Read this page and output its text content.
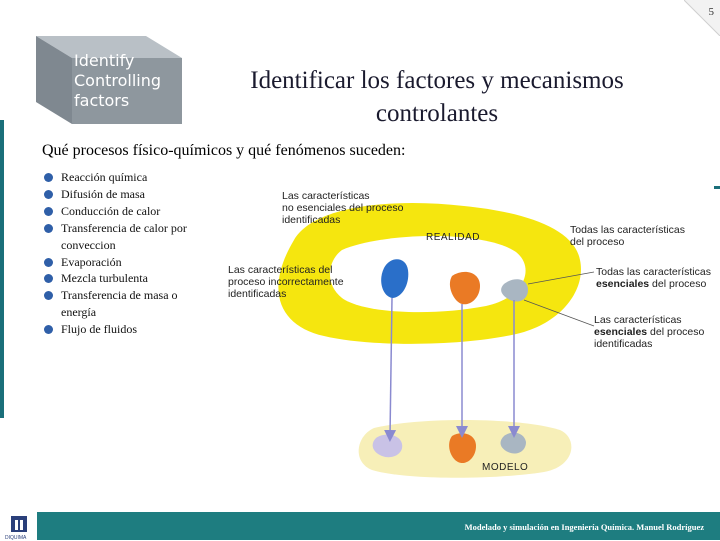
5
Identify
Controlling
factors
Identificar los factores y mecanismos
controlantes
Qué procesos físico-químicos y qué fenómenos suceden:
Reacción química
Difusión de masa
Conducción de calor
Transferencia de calor por conveccion
Evaporación
Mezcla turbulenta
Transferencia de masa o energía
Flujo de fluidos
REALIDAD
MODELO
Las características
no esenciales del proceso
identificadas
Todas las características
del proceso
Las características del
proceso incorrectamente
identificadas
Todas las características
esenciales del proceso
Las características
esenciales del proceso
identificadas
DIQUIMA
Modelado y simulación en Ingeniería Química. Manuel Rodríguez
